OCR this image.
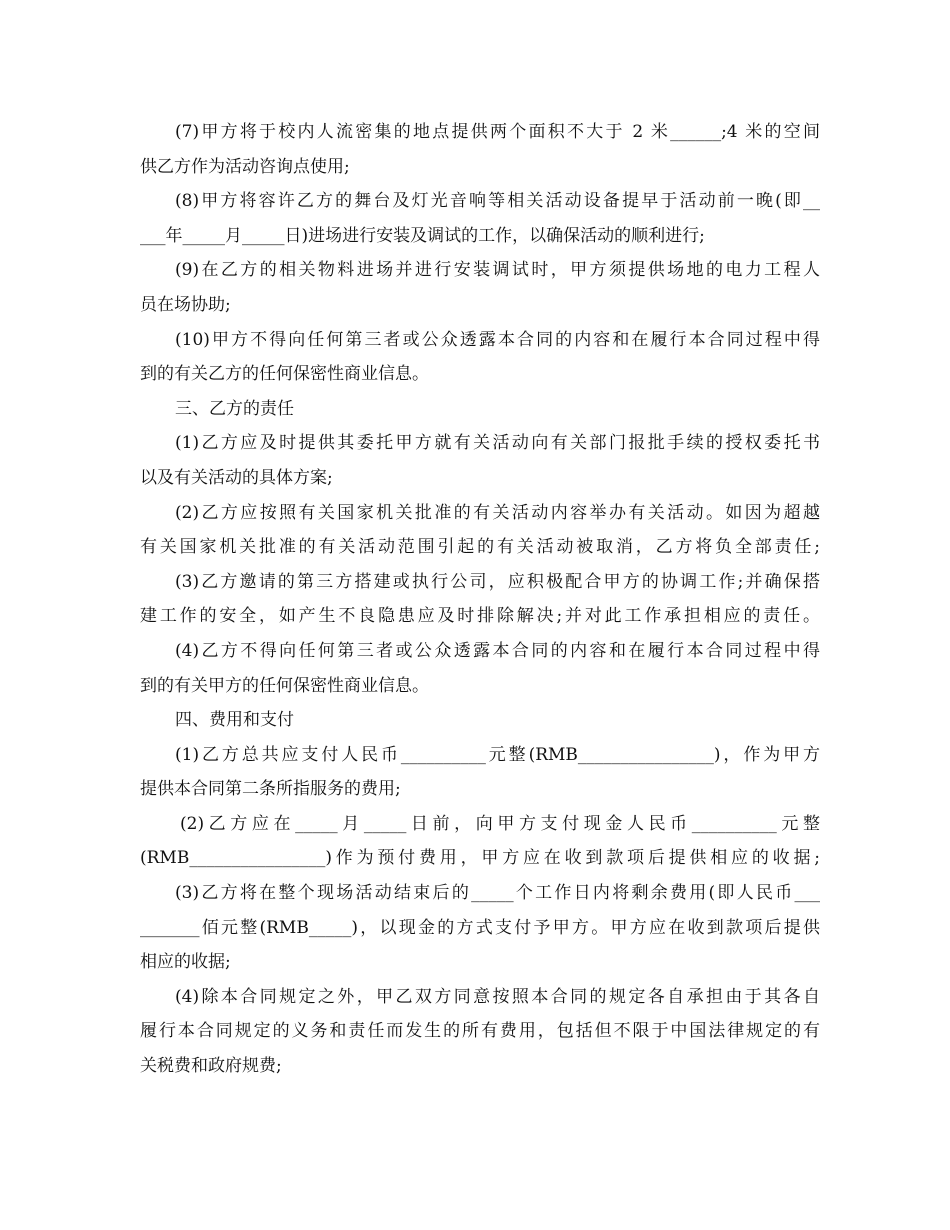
(7)甲方将于校内人流密集的地点提供两个面积不大于 2 米______;4 米的空间
供乙方作为活动咨询点使用;
(8)甲方将容许乙方的舞台及灯光音响等相关活动设备提早于活动前一晚(即__
___年_____月_____日)进场进行安装及调试的工作，以确保活动的顺利进行;
(9)在乙方的相关物料进场并进行安装调试时，甲方须提供场地的电力工程人
员在场协助;
(10)甲方不得向任何第三者或公众透露本合同的内容和在履行本合同过程中得
到的有关乙方的任何保密性商业信息。
三、乙方的责任
(1)乙方应及时提供其委托甲方就有关活动向有关部门报批手续的授权委托书
以及有关活动的具体方案;
(2)乙方应按照有关国家机关批准的有关活动内容举办有关活动。如因为超越
有关国家机关批准的有关活动范围引起的有关活动被取消，乙方将负全部责任;
(3)乙方邀请的第三方搭建或执行公司，应积极配合甲方的协调工作;并确保搭
建工作的安全，如产生不良隐患应及时排除解决;并对此工作承担相应的责任。
(4)乙方不得向任何第三者或公众透露本合同的内容和在履行本合同过程中得
到的有关甲方的任何保密性商业信息。
四、费用和支付
(1)乙方总共应支付人民币__________元整(RMB________________)，作为甲方
提供本合同第二条所指服务的费用;
(2)乙方应在_____月_____日前，向甲方支付现金人民币__________元整
(RMB________________)作为预付费用，甲方应在收到款项后提供相应的收据;
(3)乙方将在整个现场活动结束后的_____个工作日内将剩余费用(即人民币___
_______佰元整(RMB_____)，以现金的方式支付予甲方。甲方应在收到款项后提供
相应的收据;
(4)除本合同规定之外，甲乙双方同意按照本合同的规定各自承担由于其各自
履行本合同规定的义务和责任而发生的所有费用，包括但不限于中国法律规定的有
关税费和政府规费;
